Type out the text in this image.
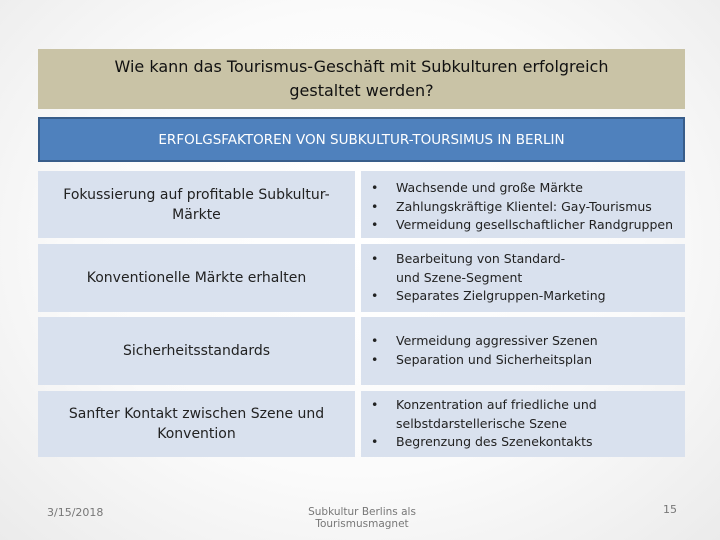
Wie kann das Tourismus-Geschäft mit Subkulturen erfolgreich
gestaltet werden?
ERFOLGSFAKTOREN VON SUBKULTUR-TOURSIMUS IN BERLIN
Fokussierung auf profitable Subkultur-
Märkte
• Wachsende und große Märkte
• Zahlungskräftige Klientel: Gay-Tourismus
• Vermeidung gesellschaftlicher Randgruppen
Konventionelle Märkte erhalten
• Bearbeitung von Standard-
und Szene-Segment
• Separates Zielgruppen-Marketing
Sicherheitsstandards
• Vermeidung aggressiver Szenen
• Separation und Sicherheitsplan
Sanfter Kontakt zwischen Szene und
Konvention
• Konzentration auf friedliche und
selbstdarstellerische Szene
• Begrenzung des Szenekontakts
3/15/2018	Subkultur Berlins als Tourismusmagnet
15
